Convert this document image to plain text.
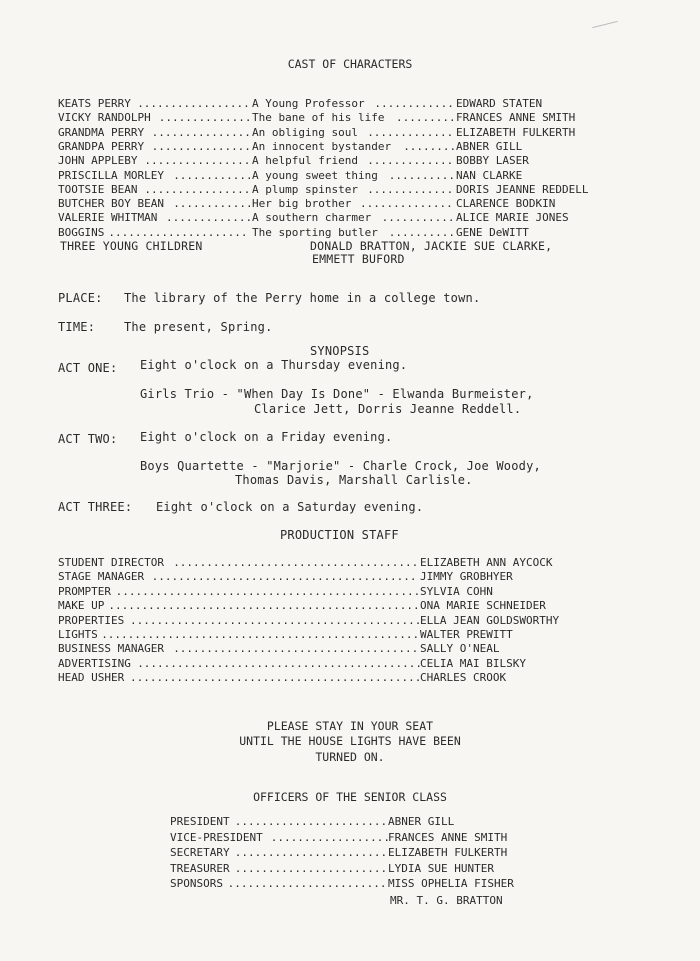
CAST OF CHARACTERS
KEATS PERRY ................. A Young Professor ............ EDWARD STATEN
VICKY RANDOLPH .............. The bane of his life ......... FRANCES ANNE SMITH
GRANDMA PERRY ............... An obliging soul ............. ELIZABETH FULKERTH
GRANDPA PERRY ............... An innocent bystander ........ ABNER GILL
JOHN APPLEBY ................ A helpful friend ............. BOBBY LASER
PRISCILLA MORLEY ............ A young sweet thing .......... NAN CLARKE
TOOTSIE BEAN ................ A plump spinster ............. DORIS JEANNE REDDELL
BUTCHER BOY BEAN ............ Her big brother .............. CLARENCE BODKIN
VALERIE WHITMAN ............. A southern charmer ........... ALICE MARIE JONES
BOGGINS ..................... The sporting butler .......... GENE DeWITT
THREE YOUNG CHILDREN	DONALD BRATTON, JACKIE SUE CLARKE,
EMMETT BUFORD
PLACE: The library of the Perry home in a college town.
TIME: The present, Spring.
SYNOPSIS
ACT ONE: Eight o'clock on a Thursday evening.
Girls Trio - "When Day Is Done" - Elwanda Burmeister,
Clarice Jett, Dorris Jeanne Reddell.
ACT TWO: Eight o'clock on a Friday evening.
Boys Quartette - "Marjorie" - Charle Crock, Joe Woody,
Thomas Davis, Marshall Carlisle.
ACT THREE: Eight o'clock on a Saturday evening.
PRODUCTION STAFF
STUDENT DIRECTOR ..................................... ELIZABETH ANN AYCOCK
STAGE MANAGER ........................................ JIMMY GROBHYER
PROMPTER .............................................. SYLVIA COHN
MAKE UP ............................................... ONA MARIE SCHNEIDER
PROPERTIES ............................................
ELLA JEAN GOLDSWORTHY
LIGHTS ................................................ WALTER PREWITT
BUSINESS MANAGER ..................................... SALLY O'NEAL
ADVERTISING ...........................................
CELIA MAI BILSKY
HEAD USHER ............................................
CHARLES CROOK
PLEASE STAY IN YOUR SEAT
UNTIL THE HOUSE LIGHTS HAVE BEEN
TURNED ON.
OFFICERS OF THE SENIOR CLASS
PRESIDENT ....................... ABNER GILL
VICE-PRESIDENT ..................
FRANCES ANNE SMITH
SECRETARY ....................... ELIZABETH FULKERTH
TREASURER ....................... LYDIA SUE HUNTER
SPONSORS ........................ MISS OPHELIA FISHER
MR. T. G. BRATTON
